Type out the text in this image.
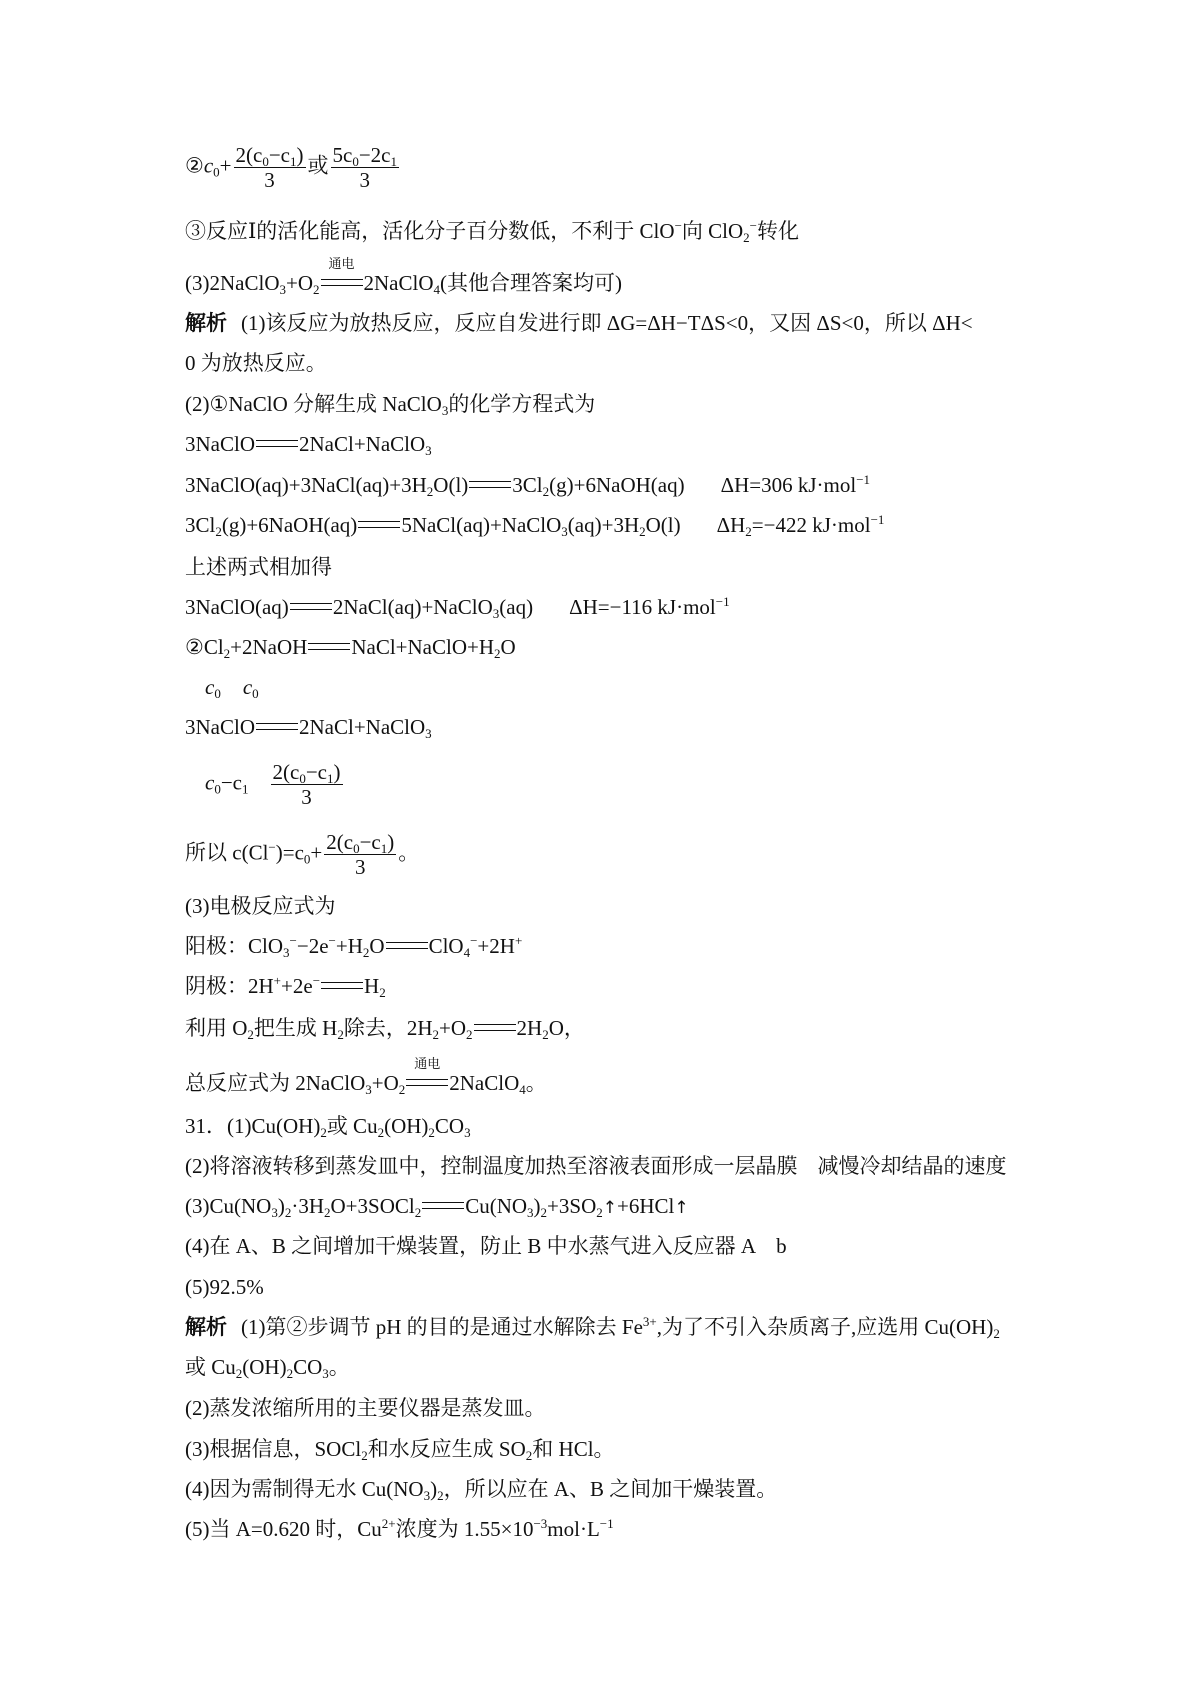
$②c_0+ \frac{2(c_0-c_1)}{3}$ 或 $\frac{5c_0-2c_1}{3}$
③反应Ⅰ的活化能高，活化分子百分数低，不利于 ClO−向 ClO$_2$−转化
$(3)2NaClO_3+O_2$
通电
2NaClO$_4$(其他合理答案均可)
解析 (1)该反应为放热反应，反应自发进行即 ΔG=ΔH−TΔS<0，又因 ΔS<0，所以 ΔH<
0 为放热反应。
(2)①NaClO 分解生成 NaClO$_3$的化学方程式为
3NaClO 2NaCl+NaClO$_3$
$3NaClO(aq)+3NaCl(aq)+3H_2O(l)$ $3Cl_2(g)+6NaOH(aq)$ ΔH=306 kJ·mol$^{-1}$
$3Cl_2(g)+6NaOH(aq)$ $5NaCl(aq)+NaClO_3(aq)+3H_2O(l)$ $\Delta H_2=-422$ kJ·mol$^{-1}$
上述两式相加得
3NaClO(aq) 2NaCl(aq)+NaClO$_3$(aq) ΔH=−116 kJ·mol$^{-1}$
$②Cl_2+2NaOH$ $NaCl+NaClO+H_2O$
$c_0$ $c_0$
3NaClO 2NaCl+NaClO$_3$
$c_0-c_1 \frac{2(c_0-c_1)}{3}$
所以 $c(Cl^-)=c_0+ \frac{2(c_0-c_1)}{3}$ 。
(3)电极反应式为
阳极：$ClO_3^--2e^-+H_2O$ ClO$_4$−+2H+
阴极：2H++2e− $H_2$
利用 $O_2$把生成 $H_2$除去，$2H_2+O_2$ $2H_2O$，
总反应式为 $2NaClO_3+O_2$
通电
2NaClO$_4$。
31．$(1)Cu(OH)_2$或 $Cu_2(OH)_2CO_3$
(2)将溶液转移到蒸发皿中，控制温度加热至溶液表面形成一层晶膜 减慢冷却结晶的速度
$(3)Cu(NO_3)_2\cdot 3H_2O+3SOCl_2$ $Cu(NO_3)_2+3SO_2↑+6HCl↑$
(4)在 A、B 之间增加干燥装置，防止 B 中水蒸气进入反应器 A b
(5)92.5%
解析 (1)第②步调节 pH 的目的是通过水解除去 $Fe^{3+}$,为了不引入杂质离子,应选用 $Cu(OH)_2$
或 $Cu_2(OH)_2CO_3$。
(2)蒸发浓缩所用的主要仪器是蒸发皿。
(3)根据信息，SOCl$_2$和水反应生成 $SO_2$和 HCl。
(4)因为需制得无水 $Cu(NO_3)_2$，所以应在 A、B 之间加干燥装置。
(5)当 A=0.620 时，$Cu^{2+}$浓度为 $1.55\times 10^{-3}mol\cdot L^{-1}$
